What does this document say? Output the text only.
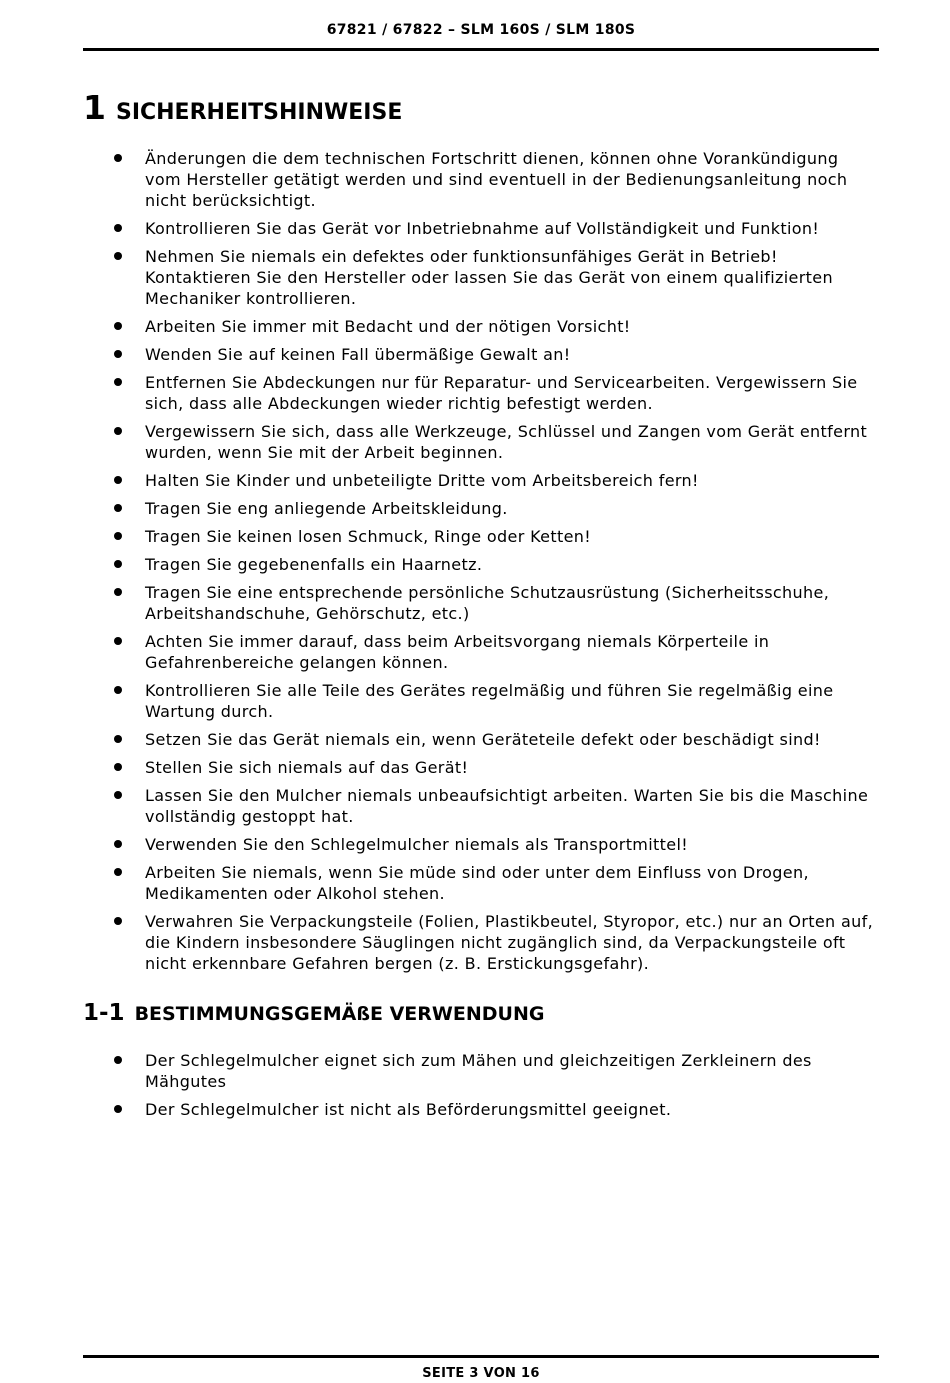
67821 / 67822 – SLM 160S / SLM 180S
1 SICHERHEITSHINWEISE
Änderungen die dem technischen Fortschritt dienen, können ohne Vorankündigung vom Hersteller getätigt werden und sind eventuell in der Bedienungsanleitung noch nicht berücksichtigt.
Kontrollieren Sie das Gerät vor Inbetriebnahme auf Vollständigkeit und Funktion!
Nehmen Sie niemals ein defektes oder funktionsunfähiges Gerät in Betrieb! Kontaktieren Sie den Hersteller oder lassen Sie das Gerät von einem qualifizierten Mechaniker kontrollieren.
Arbeiten Sie immer mit Bedacht und der nötigen Vorsicht!
Wenden Sie auf keinen Fall übermäßige Gewalt an!
Entfernen Sie Abdeckungen nur für Reparatur- und Servicearbeiten. Vergewissern Sie sich, dass alle Abdeckungen wieder richtig befestigt werden.
Vergewissern Sie sich, dass alle Werkzeuge, Schlüssel und Zangen vom Gerät entfernt wurden, wenn Sie mit der Arbeit beginnen.
Halten Sie Kinder und unbeteiligte Dritte vom Arbeitsbereich fern!
Tragen Sie eng anliegende Arbeitskleidung.
Tragen Sie keinen losen Schmuck, Ringe oder Ketten!
Tragen Sie gegebenenfalls ein Haarnetz.
Tragen Sie eine entsprechende persönliche Schutzausrüstung (Sicherheitsschuhe, Arbeitshandschuhe, Gehörschutz, etc.)
Achten Sie immer darauf, dass beim Arbeitsvorgang niemals Körperteile in Gefahrenbereiche gelangen können.
Kontrollieren Sie alle Teile des Gerätes regelmäßig und führen Sie regelmäßig eine Wartung durch.
Setzen Sie das Gerät niemals ein, wenn Geräteteile defekt oder beschädigt sind!
Stellen Sie sich niemals auf das Gerät!
Lassen Sie den Mulcher niemals unbeaufsichtigt arbeiten. Warten Sie bis die Maschine vollständig gestoppt hat.
Verwenden Sie den Schlegelmulcher niemals als Transportmittel!
Arbeiten Sie niemals, wenn Sie müde sind oder unter dem Einfluss von Drogen, Medikamenten oder Alkohol stehen.
Verwahren Sie Verpackungsteile (Folien, Plastikbeutel, Styropor, etc.) nur an Orten auf, die Kindern insbesondere Säuglingen nicht zugänglich sind, da Verpackungsteile oft nicht erkennbare Gefahren bergen (z. B. Erstickungsgefahr).
1-1 BESTIMMUNGSGEMÄßE VERWENDUNG
Der Schlegelmulcher eignet sich zum Mähen und gleichzeitigen Zerkleinern des Mähgutes
Der Schlegelmulcher ist nicht als Beförderungsmittel geeignet.
SEITE 3 VON 16
